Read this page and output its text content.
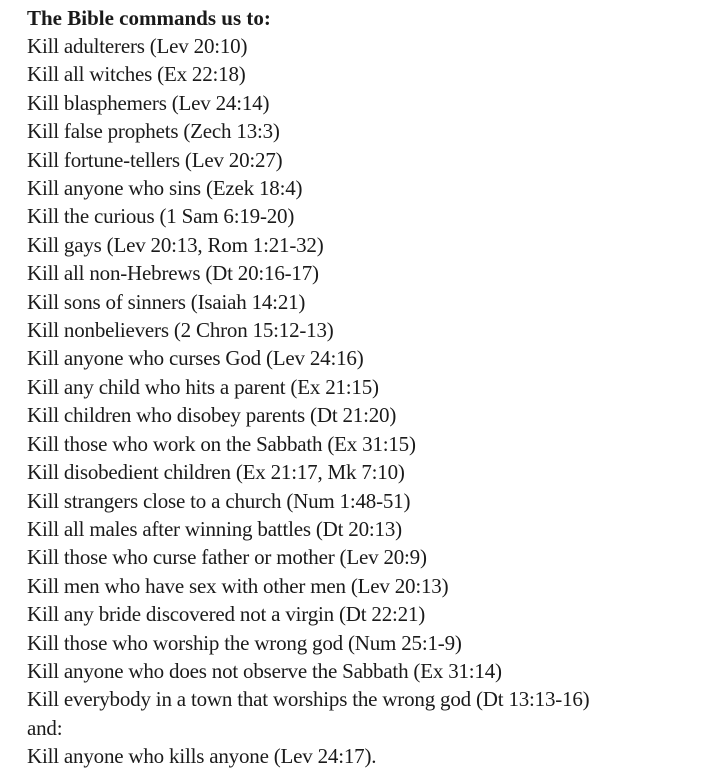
The Bible commands us to:
Kill adulterers (Lev 20:10)
Kill all witches (Ex 22:18)
Kill blasphemers (Lev 24:14)
Kill false prophets (Zech 13:3)
Kill fortune-tellers (Lev 20:27)
Kill anyone who sins (Ezek 18:4)
Kill the curious (1 Sam 6:19-20)
Kill gays (Lev 20:13, Rom 1:21-32)
Kill all non-Hebrews (Dt 20:16-17)
Kill sons of sinners (Isaiah 14:21)
Kill nonbelievers (2 Chron 15:12-13)
Kill anyone who curses God (Lev 24:16)
Kill any child who hits a parent (Ex 21:15)
Kill children who disobey parents (Dt 21:20)
Kill those who work on the Sabbath (Ex 31:15)
Kill disobedient children (Ex 21:17, Mk 7:10)
Kill strangers close to a church (Num 1:48-51)
Kill all males after winning battles (Dt 20:13)
Kill those who curse father or mother (Lev 20:9)
Kill men who have sex with other men (Lev 20:13)
Kill any bride discovered not a virgin (Dt 22:21)
Kill those who worship the wrong god (Num 25:1-9)
Kill anyone who does not observe the Sabbath (Ex 31:14)
Kill everybody in a town that worships the wrong god (Dt 13:13-16)
and:
Kill anyone who kills anyone (Lev 24:17).
